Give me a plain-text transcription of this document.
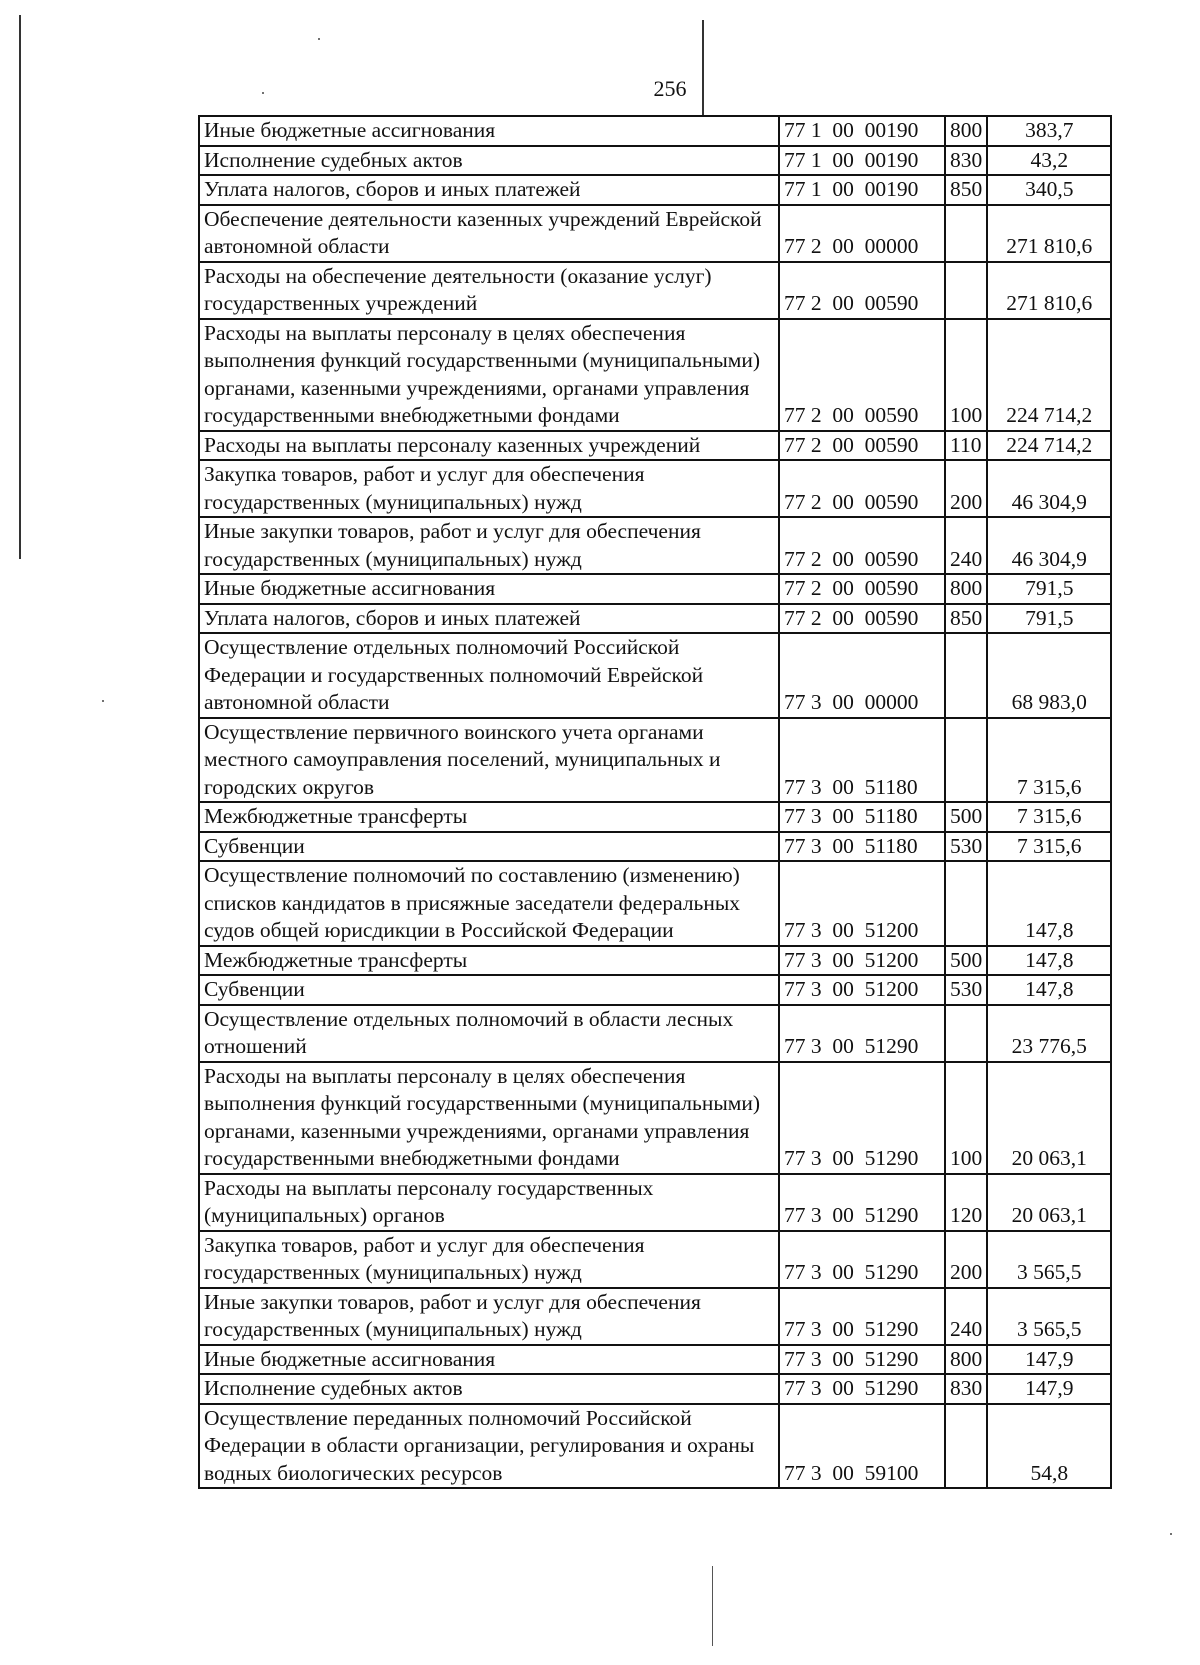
256
Иные бюджетные ассигнования	77 1  00  00190	800	383,7
Исполнение судебных актов	77 1  00  00190	830	43,2
Уплата налогов, сборов и иных платежей	77 1  00  00190	850	340,5
Обеспечение деятельности казенных учреждений Еврейской автономной области	77 2  00  00000		271 810,6
Расходы на обеспечение деятельности (оказание услуг) государственных учреждений	77 2  00  00590		271 810,6
Расходы на выплаты персоналу в целях обеспечения выполнения функций государственными (муниципальными) органами, казенными учреждениями, органами управления государственными внебюджетными фондами	77 2  00  00590	100	224 714,2
Расходы на выплаты персоналу казенных учреждений	77 2  00  00590	110	224 714,2
Закупка товаров, работ и услуг для обеспечения государственных (муниципальных) нужд	77 2  00  00590	200	46 304,9
Иные закупки товаров, работ и услуг для обеспечения государственных (муниципальных) нужд	77 2  00  00590	240	46 304,9
Иные бюджетные ассигнования	77 2  00  00590	800	791,5
Уплата налогов, сборов и иных платежей	77 2  00  00590	850	791,5
Осуществление отдельных полномочий Российской Федерации и государственных полномочий Еврейской автономной области	77 3  00  00000		68 983,0
Осуществление первичного воинского учета органами местного самоуправления поселений, муниципальных и городских округов	77 3  00  51180		7 315,6
Межбюджетные трансферты	77 3  00  51180	500	7 315,6
Субвенции	77 3  00  51180	530	7 315,6
Осуществление полномочий по составлению (изменению) списков кандидатов в присяжные заседатели федеральных судов общей юрисдикции в Российской Федерации	77 3  00  51200		147,8
Межбюджетные трансферты	77 3  00  51200	500	147,8
Субвенции	77 3  00  51200	530	147,8
Осуществление отдельных полномочий в области лесных отношений	77 3  00  51290		23 776,5
Расходы на выплаты персоналу в целях обеспечения выполнения функций государственными (муниципальными) органами, казенными учреждениями, органами управления государственными внебюджетными фондами	77 3  00  51290	100	20 063,1
Расходы на выплаты персоналу государственных (муниципальных) органов	77 3  00  51290	120	20 063,1
Закупка товаров, работ и услуг для обеспечения государственных (муниципальных) нужд	77 3  00  51290	200	3 565,5
Иные закупки товаров, работ и услуг для обеспечения государственных (муниципальных) нужд	77 3  00  51290	240	3 565,5
Иные бюджетные ассигнования	77 3  00  51290	800	147,9
Исполнение судебных актов	77 3  00  51290	830	147,9
Осуществление переданных полномочий Российской Федерации в области организации, регулирования и охраны водных биологических ресурсов	77 3  00  59100		54,8
